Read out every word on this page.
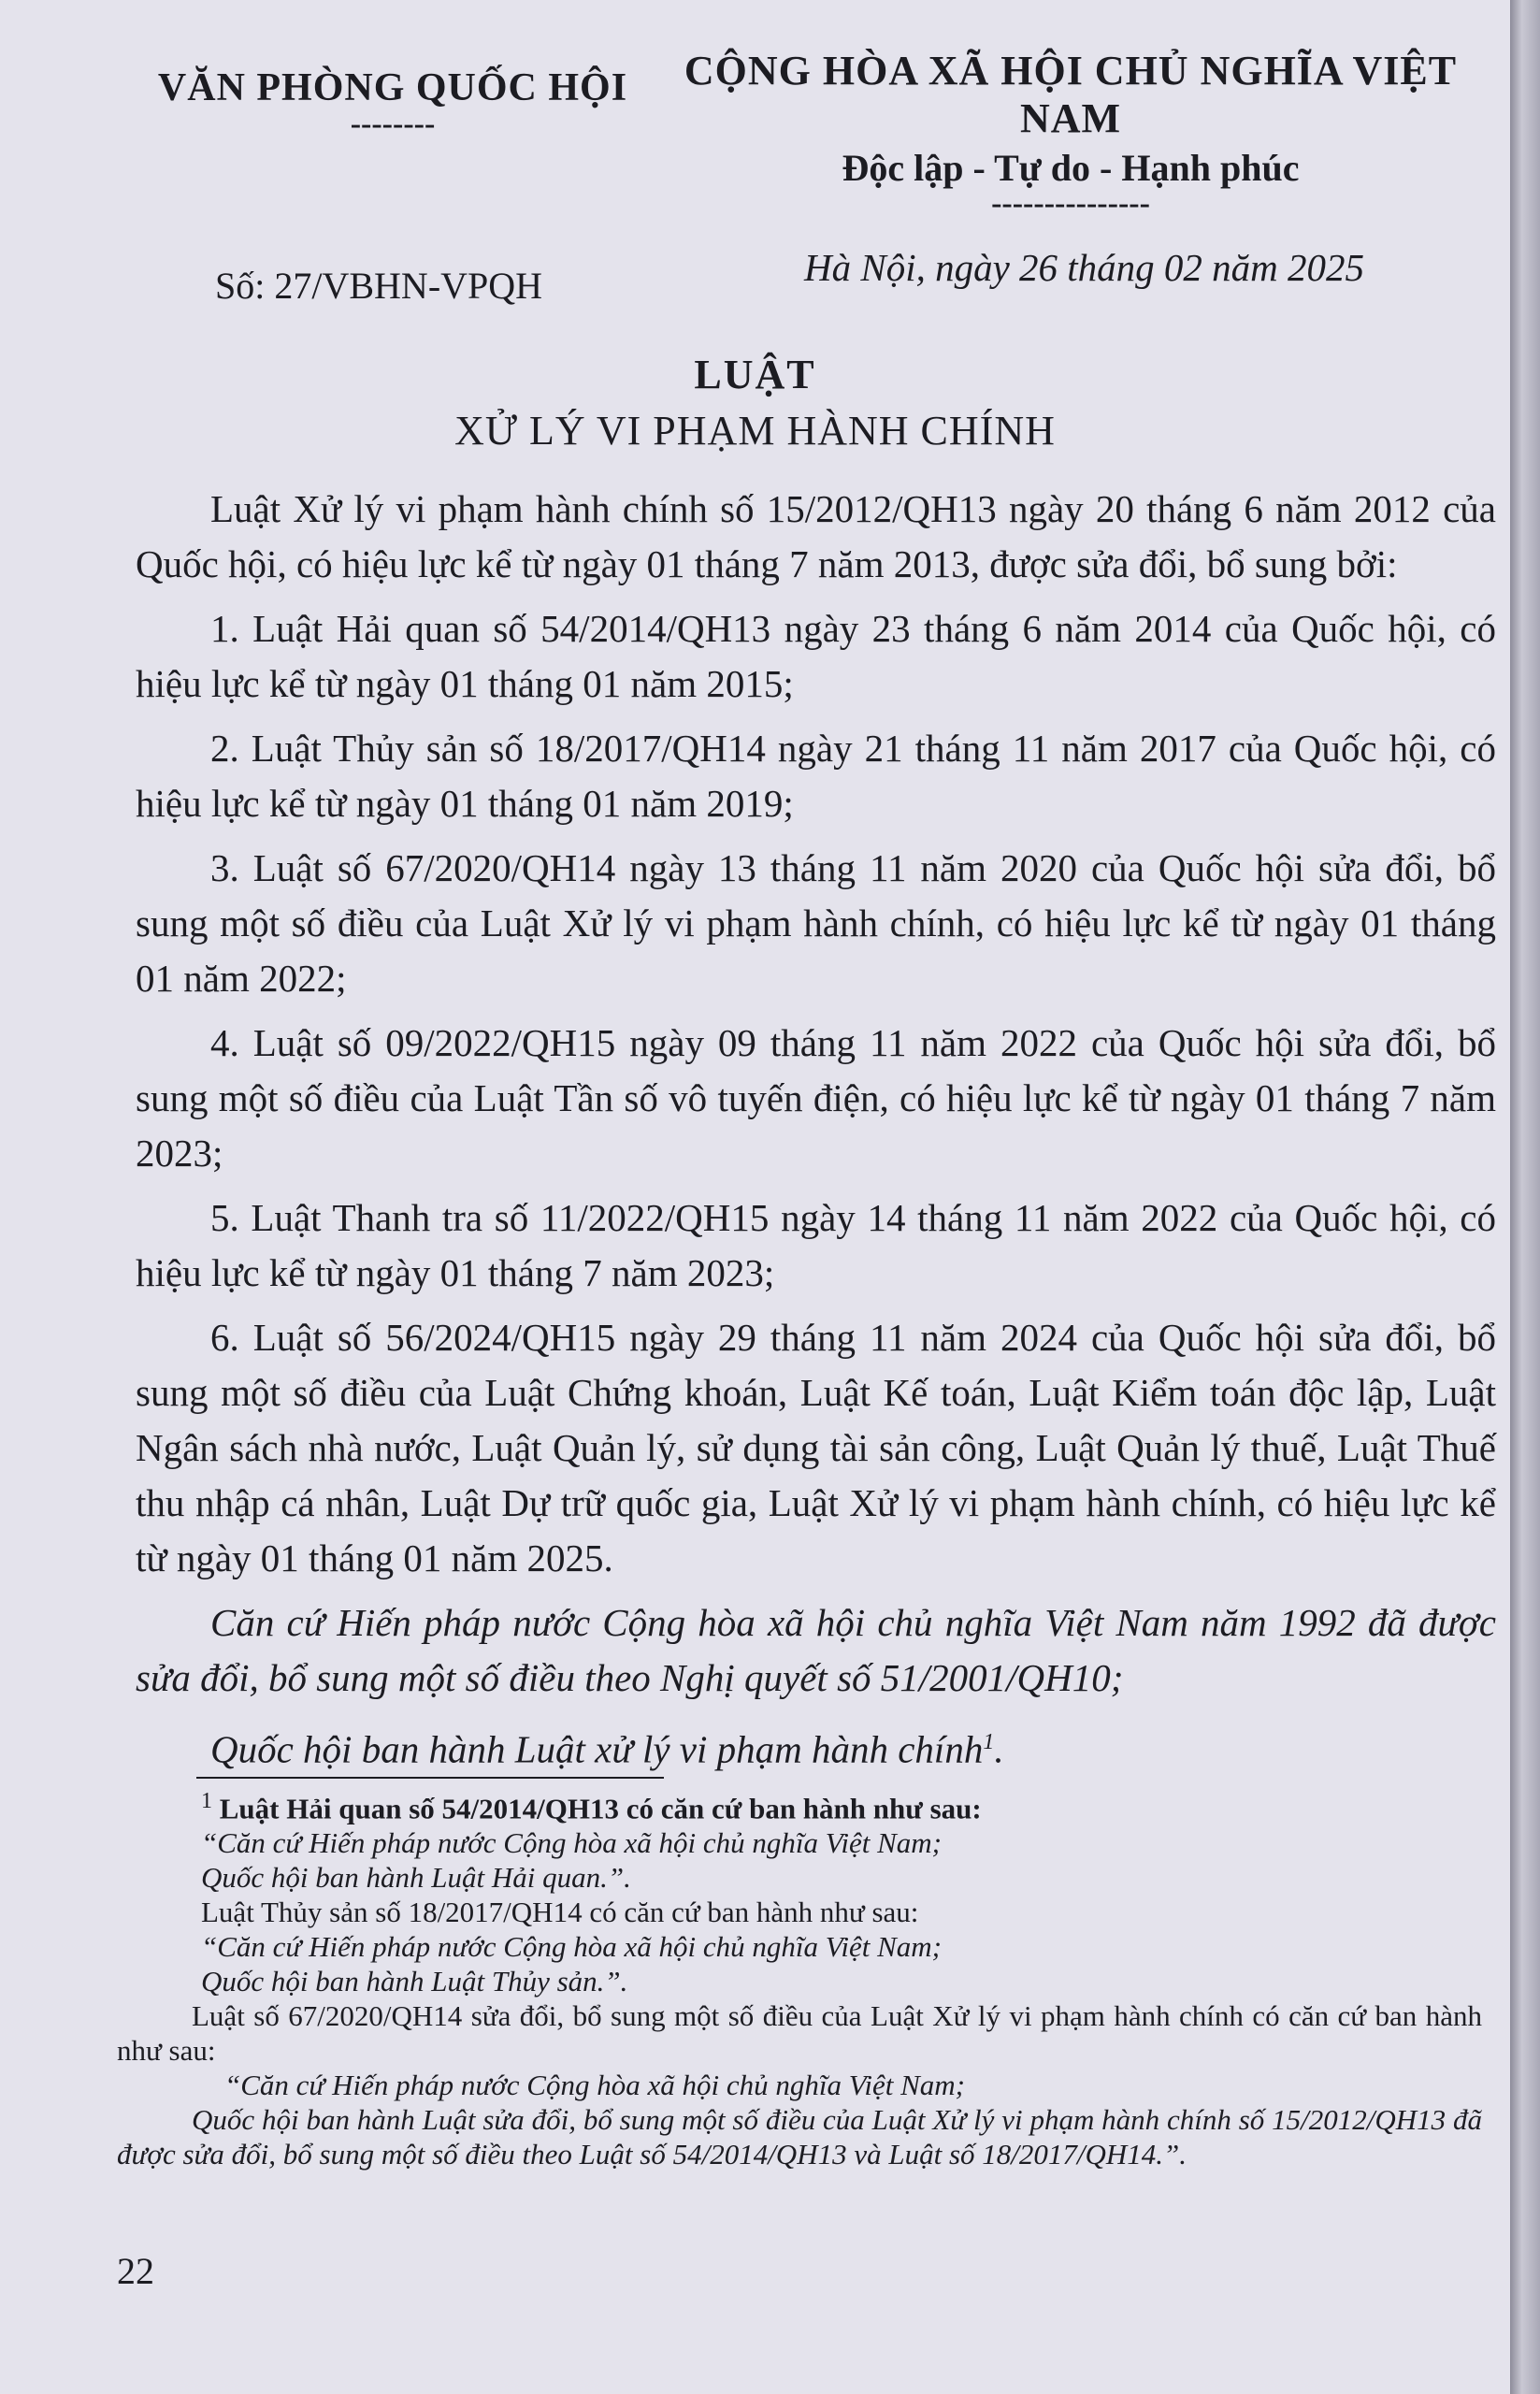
VĂN PHÒNG QUỐC HỘI
--------
CỘNG HÒA XÃ HỘI CHỦ NGHĨA VIỆT NAM
Độc lập - Tự do - Hạnh phúc
---------------
Số: 27/VBHN-VPQH	Hà Nội, ngày 26 tháng 02 năm 2025
LUẬT
XỬ LÝ VI PHẠM HÀNH CHÍNH

Luật Xử lý vi phạm hành chính số 15/2012/QH13 ngày 20 tháng 6 năm 2012 của Quốc hội, có hiệu lực kể từ ngày 01 tháng 7 năm 2013, được sửa đổi, bổ sung bởi:

1. Luật Hải quan số 54/2014/QH13 ngày 23 tháng 6 năm 2014 của Quốc hội, có hiệu lực kể từ ngày 01 tháng 01 năm 2015;

2. Luật Thủy sản số 18/2017/QH14 ngày 21 tháng 11 năm 2017 của Quốc hội, có hiệu lực kể từ ngày 01 tháng 01 năm 2019;

3. Luật số 67/2020/QH14 ngày 13 tháng 11 năm 2020 của Quốc hội sửa đổi, bổ sung một số điều của Luật Xử lý vi phạm hành chính, có hiệu lực kể từ ngày 01 tháng 01 năm 2022;

4. Luật số 09/2022/QH15 ngày 09 tháng 11 năm 2022 của Quốc hội sửa đổi, bổ sung một số điều của Luật Tần số vô tuyến điện, có hiệu lực kể từ ngày 01 tháng 7 năm 2023;

5. Luật Thanh tra số 11/2022/QH15 ngày 14 tháng 11 năm 2022 của Quốc hội, có hiệu lực kể từ ngày 01 tháng 7 năm 2023;

6. Luật số 56/2024/QH15 ngày 29 tháng 11 năm 2024 của Quốc hội sửa đổi, bổ sung một số điều của Luật Chứng khoán, Luật Kế toán, Luật Kiểm toán độc lập, Luật Ngân sách nhà nước, Luật Quản lý, sử dụng tài sản công, Luật Quản lý thuế, Luật Thuế thu nhập cá nhân, Luật Dự trữ quốc gia, Luật Xử lý vi phạm hành chính, có hiệu lực kể từ ngày 01 tháng 01 năm 2025.

Căn cứ Hiến pháp nước Cộng hòa xã hội chủ nghĩa Việt Nam năm 1992 đã được sửa đổi, bổ sung một số điều theo Nghị quyết số 51/2001/QH10;

Quốc hội ban hành Luật xử lý vi phạm hành chính$^1$.

$^1$ Luật Hải quan số 54/2014/QH13 có căn cứ ban hành như sau:

“Căn cứ Hiến pháp nước Cộng hòa xã hội chủ nghĩa Việt Nam;

Quốc hội ban hành Luật Hải quan.”.

Luật Thủy sản số 18/2017/QH14 có căn cứ ban hành như sau:

“Căn cứ Hiến pháp nước Cộng hòa xã hội chủ nghĩa Việt Nam;

Quốc hội ban hành Luật Thủy sản.”.

Luật số 67/2020/QH14 sửa đổi, bổ sung một số điều của Luật Xử lý vi phạm hành chính có căn cứ ban hành như sau:

“Căn cứ Hiến pháp nước Cộng hòa xã hội chủ nghĩa Việt Nam;

Quốc hội ban hành Luật sửa đổi, bổ sung một số điều của Luật Xử lý vi phạm hành chính số 15/2012/QH13 đã được sửa đổi, bổ sung một số điều theo Luật số 54/2014/QH13 và Luật số 18/2017/QH14.”.

22
